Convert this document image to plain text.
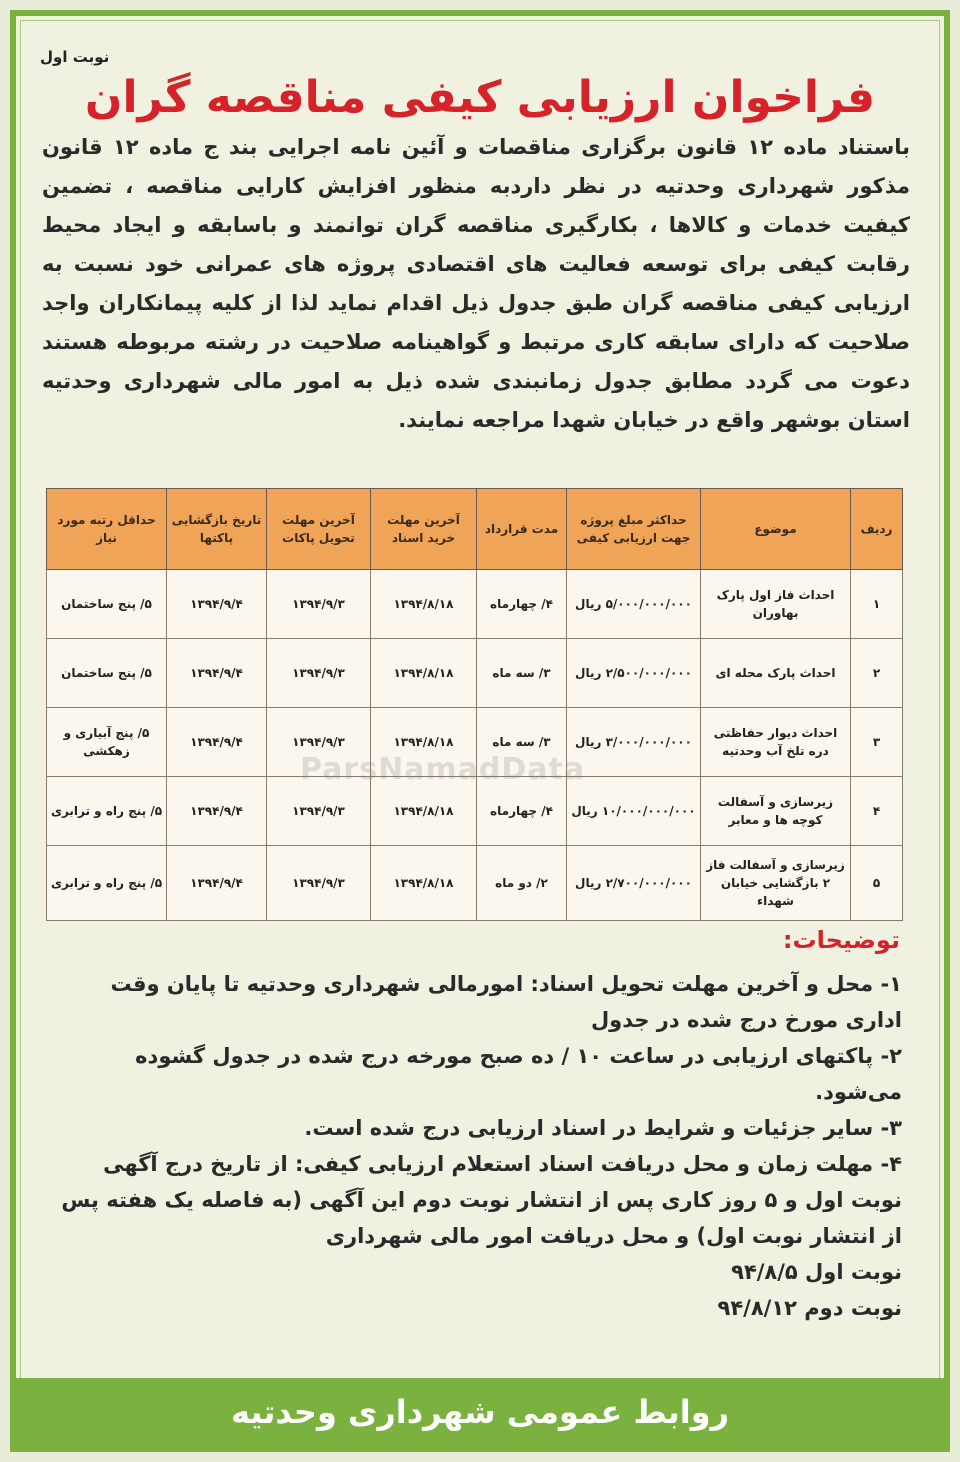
نوبت اول
فراخوان ارزیابی کیفی مناقصه گران
باستناد ماده ۱۲ قانون برگزاری مناقصات و آئین نامه اجرایی بند ج ماده ۱۲ قانون مذکور شهرداری وحدتیه در نظر داردبه منظور افزایش کارایی مناقصه ، تضمین کیفیت خدمات و کالاها ، بکارگیری مناقصه گران توانمند و باسابقه و ایجاد محیط رقابت کیفی برای توسعه فعالیت های اقتصادی پروژه های عمرانی خود نسبت به ارزیابی کیفی مناقصه گران طبق جدول ذیل اقدام نماید لذا از کلیه پیمانکاران واجد صلاحیت که دارای سابقه کاری مرتبط و گواهینامه صلاحیت در رشته مربوطه هستند دعوت می گردد مطابق جدول زمانبندی شده ذیل به امور مالی شهرداری وحدتیه استان بوشهر واقع در خیابان شهدا مراجعه نمایند.
ردیف	موضوع	حداکثر مبلغ پروژه جهت ارزیابی کیفی	مدت قرارداد	آخرین مهلت خرید اسناد	آخرین مهلت تحویل پاکات	تاریخ بازگشایی پاکتها	حداقل رتبه مورد نیاز
۱	احداث فاز اول پارک بهاوران	۵/۰۰۰/۰۰۰/۰۰۰ ریال	۴/ چهارماه	۱۳۹۴/۸/۱۸	۱۳۹۴/۹/۳	۱۳۹۴/۹/۴	۵/ پنج ساختمان
۲	احداث پارک محله ای	۲/۵۰۰/۰۰۰/۰۰۰ ریال	۳/ سه ماه	۱۳۹۴/۸/۱۸	۱۳۹۴/۹/۳	۱۳۹۴/۹/۴	۵/ پنج ساختمان
۳	احداث دیوار حفاظتی دره تلخ آب وحدتیه	۳/۰۰۰/۰۰۰/۰۰۰ ریال	۳/ سه ماه	۱۳۹۴/۸/۱۸	۱۳۹۴/۹/۳	۱۳۹۴/۹/۴	۵/ پنج آبیاری و زهکشی
۴	زیرسازی و آسفالت کوچه ها و معابر	۱۰/۰۰۰/۰۰۰/۰۰۰ ریال	۴/ چهارماه	۱۳۹۴/۸/۱۸	۱۳۹۴/۹/۳	۱۳۹۴/۹/۴	۵/ پنج راه و ترابری
۵	زیرسازی و آسفالت فاز ۲ بازگشایی خیابان شهداء	۲/۷۰۰/۰۰۰/۰۰۰ ریال	۲/ دو ماه	۱۳۹۴/۸/۱۸	۱۳۹۴/۹/۳	۱۳۹۴/۹/۴	۵/ پنج راه و ترابری
ParsNamadData
توضیحات:

۱- محل و آخرین مهلت تحویل اسناد: امورمالی شهرداری وحدتیه تا پایان وقت اداری مورخ درج شده در جدول

۲- پاکتهای ارزیابی در ساعت ۱۰ / ده صبح مورخه درج شده در جدول گشوده می‌شود.

۳- سایر جزئیات و شرایط در اسناد ارزیابی درج شده است.

۴- مهلت زمان و محل دریافت اسناد استعلام ارزیابی کیفی: از تاریخ درج آگهی نوبت اول و ۵ روز کاری پس از انتشار نوبت دوم این آگهی (به فاصله یک هفته پس از انتشار نوبت اول) و محل دریافت امور مالی شهرداری

نوبت اول ۹۴/۸/۵

نوبت دوم ۹۴/۸/۱۲

روابط عمومی شهرداری وحدتیه
